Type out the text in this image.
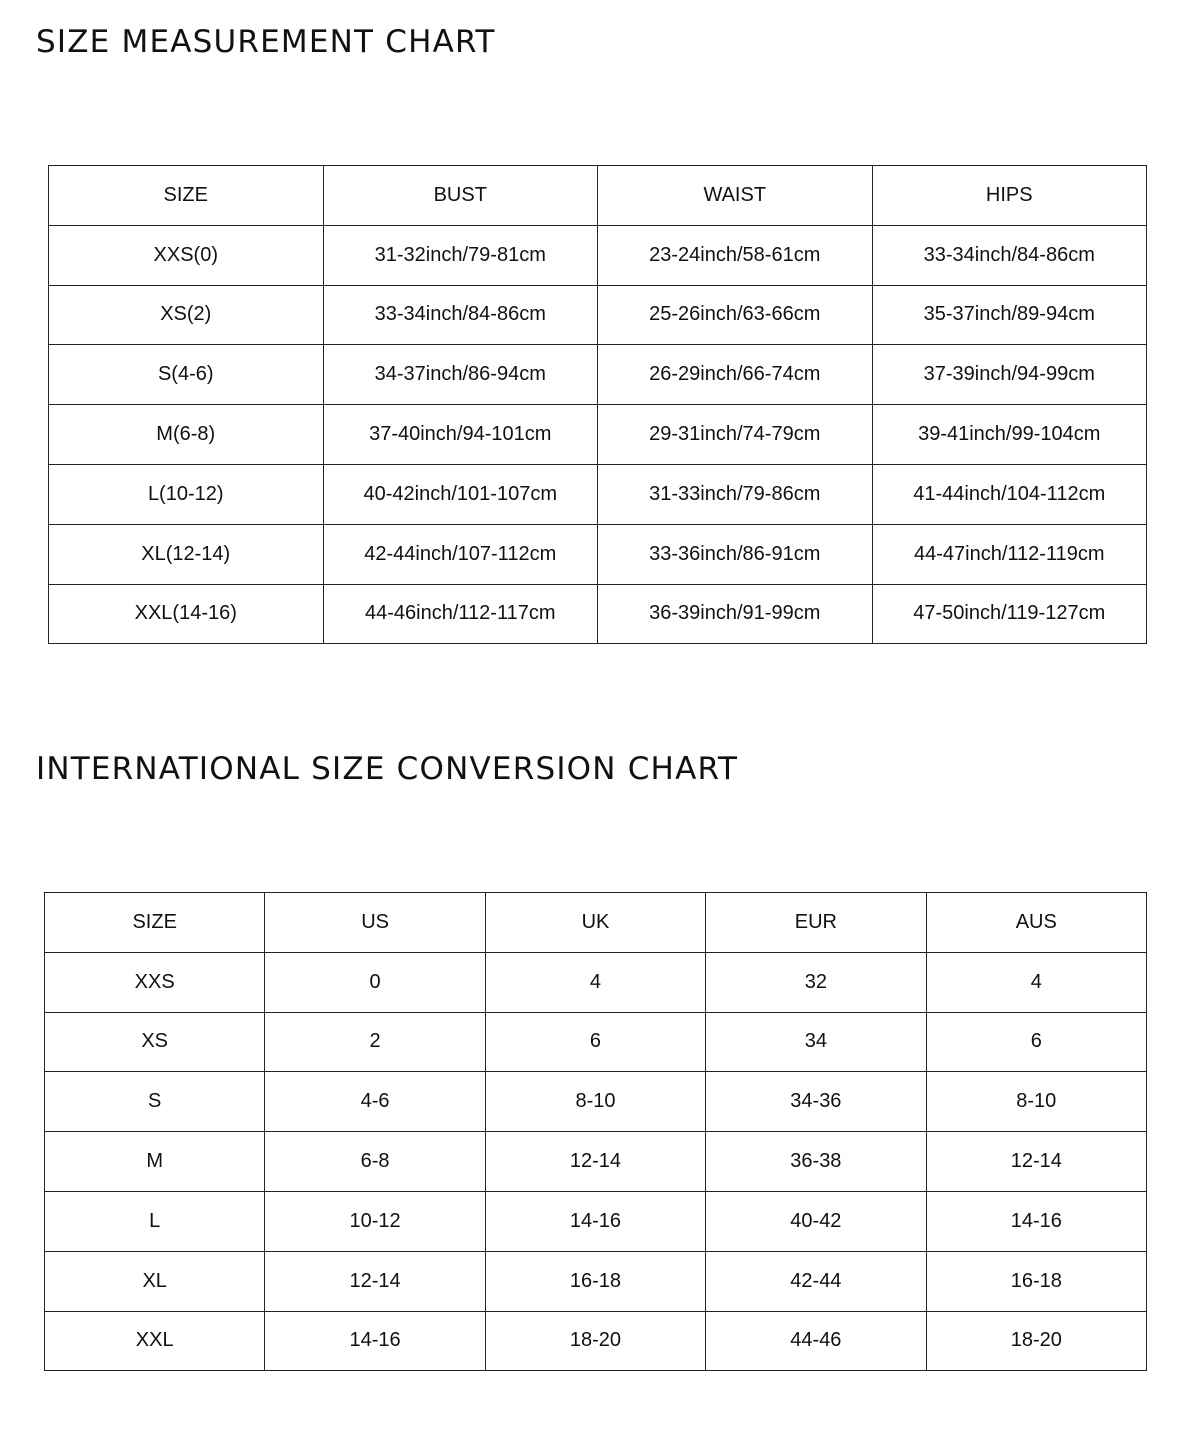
SIZE MEASUREMENT CHART
SIZE	BUST	WAIST	HIPS
XXS(0)	31-32inch/79-81cm	23-24inch/58-61cm	33-34inch/84-86cm
XS(2)	33-34inch/84-86cm	25-26inch/63-66cm	35-37inch/89-94cm
S(4-6)	34-37inch/86-94cm	26-29inch/66-74cm	37-39inch/94-99cm
M(6-8)	37-40inch/94-101cm	29-31inch/74-79cm	39-41inch/99-104cm
L(10-12)	40-42inch/101-107cm	31-33inch/79-86cm	41-44inch/104-112cm
XL(12-14)	42-44inch/107-112cm	33-36inch/86-91cm	44-47inch/112-119cm
XXL(14-16)	44-46inch/112-117cm	36-39inch/91-99cm	47-50inch/119-127cm
INTERNATIONAL SIZE CONVERSION CHART
SIZE	US	UK	EUR	AUS
XXS	0	4	32	4
XS	2	6	34	6
S	4-6	8-10	34-36	8-10
M	6-8	12-14	36-38	12-14
L	10-12	14-16	40-42	14-16
XL	12-14	16-18	42-44	16-18
XXL	14-16	18-20	44-46	18-20
